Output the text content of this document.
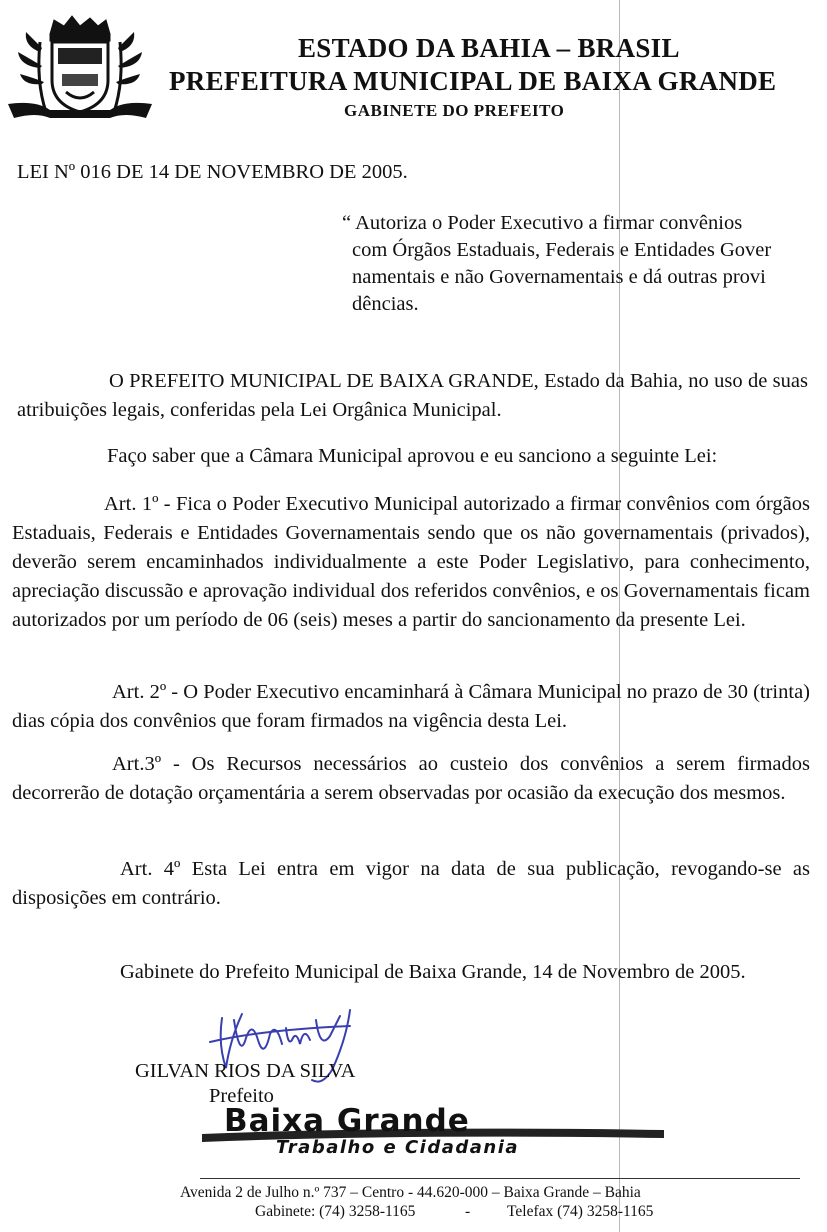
ESTADO DA BAHIA – BRASIL
PREFEITURA MUNICIPAL DE BAIXA GRANDE
GABINETE DO PREFEITO
LEI Nº 016 DE 14 DE NOVEMBRO DE 2005.
“ Autoriza o Poder Executivo a firmar convênios
com Órgãos Estaduais, Federais e Entidades Gover
namentais e não Governamentais e dá outras provi
dências.

O PREFEITO MUNICIPAL DE BAIXA GRANDE, Estado da Bahia, no uso de suas atribuições legais, conferidas pela Lei Orgânica Municipal.

Faço saber que a Câmara Municipal aprovou e eu sanciono a seguinte Lei:

Art. 1º - Fica o Poder Executivo Municipal autorizado a firmar convênios com órgãos Estaduais, Federais e Entidades Governamentais sendo que os não governamentais (privados), deverão serem encaminhados individualmente a este Poder Legislativo, para conhecimento, apreciação discussão e aprovação individual dos referidos convênios, e os Governamentais ficam autorizados por um período de 06 (seis) meses a partir do sancionamento da presente Lei.

Art. 2º - O Poder Executivo encaminhará à Câmara Municipal no prazo de 30 (trinta) dias cópia dos convênios que foram firmados na vigência desta Lei.

Art.3º - Os Recursos necessários ao custeio dos convênios a serem firmados decorrerão de dotação orçamentária a serem observadas por ocasião da execução dos mesmos.

Art. 4º Esta Lei entra em vigor na data de sua publicação, revogando-se as disposições em contrário.

Gabinete do Prefeito Municipal de Baixa Grande, 14 de Novembro de 2005.

GILVAN RIOS DA SILVA
Prefeito
Baixa Grande
Trabalho e Cidadania
Avenida 2 de Julho n.º 737 – Centro - 44.620-000 – Baixa Grande – Bahia
Gabinete: (74) 3258-1165	- Telefax (74) 3258-1165
